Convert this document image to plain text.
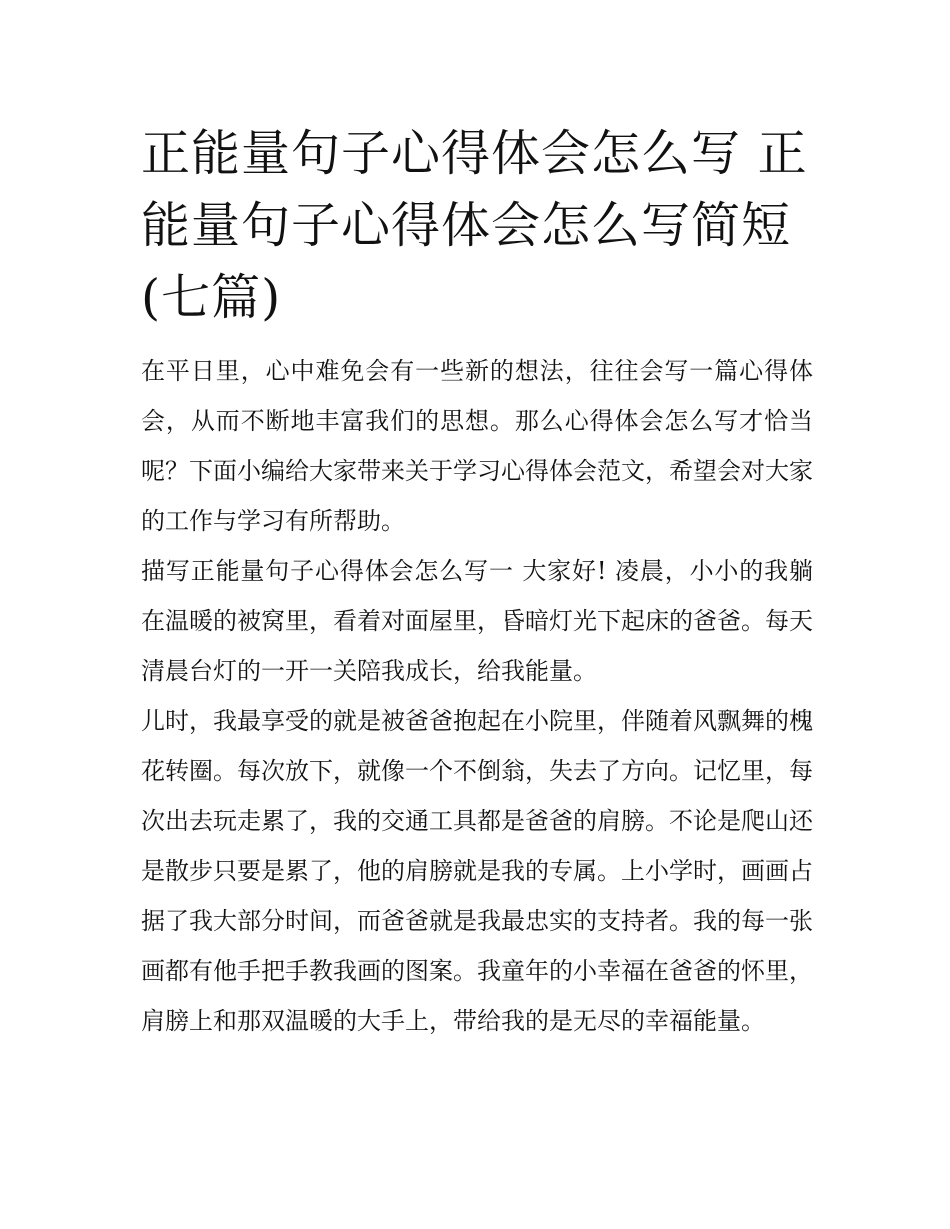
正能量句子心得体会怎么写 正能量句子心得体会怎么写简短(七篇)

在平日里，心中难免会有一些新的想法，往往会写一篇心得体会，从而不断地丰富我们的思想。那么心得体会怎么写才恰当呢？下面小编给大家带来关于学习心得体会范文，希望会对大家的工作与学习有所帮助。

描写正能量句子心得体会怎么写一 大家好! 凌晨，小小的我躺在温暖的被窝里，看着对面屋里，昏暗灯光下起床的爸爸。每天清晨台灯的一开一关陪我成长，给我能量。

儿时，我最享受的就是被爸爸抱起在小院里，伴随着风飘舞的槐花转圈。每次放下，就像一个不倒翁，失去了方向。记忆里，每次出去玩走累了，我的交通工具都是爸爸的肩膀。不论是爬山还是散步只要是累了，他的肩膀就是我的专属。上小学时，画画占据了我大部分时间，而爸爸就是我最忠实的支持者。我的每一张画都有他手把手教我画的图案。我童年的小幸福在爸爸的怀里，肩膀上和那双温暖的大手上，带给我的是无尽的幸福能量。
